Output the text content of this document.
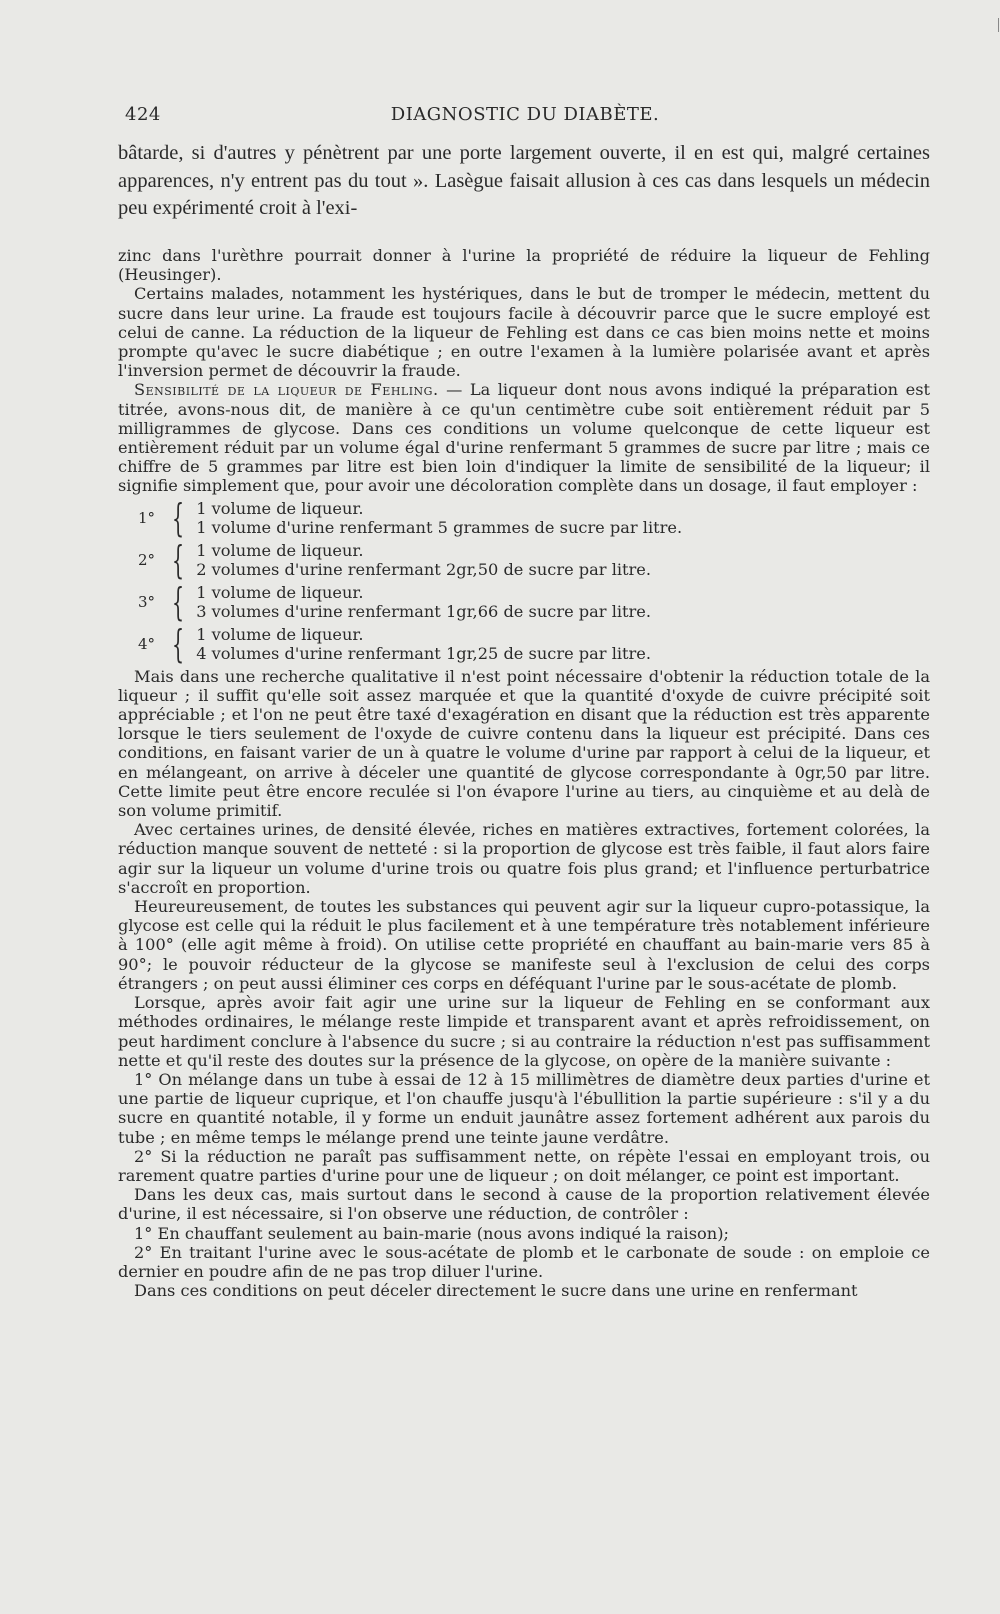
424	DIAGNOSTIC DU DIABÈTE.

bâtarde, si d'autres y pénètrent par une porte largement ouverte, il en est qui, malgré certaines apparences, n'y entrent pas du tout ». Lasègue faisait allusion à ces cas dans lesquels un médecin peu expérimenté croit à l'exi-

zinc dans l'urèthre pourrait donner à l'urine la propriété de réduire la liqueur de Fehling (Heusinger).

Certains malades, notamment les hystériques, dans le but de tromper le médecin, mettent du sucre dans leur urine. La fraude est toujours facile à découvrir parce que le sucre employé est celui de canne. La réduction de la liqueur de Fehling est dans ce cas bien moins nette et moins prompte qu'avec le sucre diabétique ; en outre l'examen à la lumière polarisée avant et après l'inversion permet de découvrir la fraude.

Sensibilité de la liqueur de Fehling. — La liqueur dont nous avons indiqué la préparation est titrée, avons-nous dit, de manière à ce qu'un centimètre cube soit entièrement réduit par 5 milligrammes de glycose. Dans ces conditions un volume quelconque de cette liqueur est entièrement réduit par un volume égal d'urine renfermant 5 grammes de sucre par litre ; mais ce chiffre de 5 grammes par litre est bien loin d'indiquer la limite de sensibilité de la liqueur; il signifie simplement que, pour avoir une décoloration complète dans un dosage, il faut employer :

1° { 1 volume de liqueur.
1 volume d'urine renfermant 5 grammes de sucre par litre.
2° { 1 volume de liqueur.
2 volumes d'urine renfermant 2gr,50 de sucre par litre.
3° { 1 volume de liqueur.
3 volumes d'urine renfermant 1gr,66 de sucre par litre.
4° { 1 volume de liqueur.
4 volumes d'urine renfermant 1gr,25 de sucre par litre.

Mais dans une recherche qualitative il n'est point nécessaire d'obtenir la réduction totale de la liqueur ; il suffit qu'elle soit assez marquée et que la quantité d'oxyde de cuivre précipité soit appréciable ; et l'on ne peut être taxé d'exagération en disant que la réduction est très apparente lorsque le tiers seulement de l'oxyde de cuivre contenu dans la liqueur est précipité. Dans ces conditions, en faisant varier de un à quatre le volume d'urine par rapport à celui de la liqueur, et en mélangeant, on arrive à déceler une quantité de glycose correspondante à 0gr,50 par litre. Cette limite peut être encore reculée si l'on évapore l'urine au tiers, au cinquième et au delà de son volume primitif.

Avec certaines urines, de densité élevée, riches en matières extractives, fortement colorées, la réduction manque souvent de netteté : si la proportion de glycose est très faible, il faut alors faire agir sur la liqueur un volume d'urine trois ou quatre fois plus grand; et l'influence perturbatrice s'accroît en proportion.

Heureureusement, de toutes les substances qui peuvent agir sur la liqueur cupro-potassique, la glycose est celle qui la réduit le plus facilement et à une température très notablement inférieure à 100° (elle agit même à froid). On utilise cette propriété en chauffant au bain-marie vers 85 à 90°; le pouvoir réducteur de la glycose se manifeste seul à l'exclusion de celui des corps étrangers ; on peut aussi éliminer ces corps en déféquant l'urine par le sous-acétate de plomb.

Lorsque, après avoir fait agir une urine sur la liqueur de Fehling en se conformant aux méthodes ordinaires, le mélange reste limpide et transparent avant et après refroidissement, on peut hardiment conclure à l'absence du sucre ; si au contraire la réduction n'est pas suffisamment nette et qu'il reste des doutes sur la présence de la glycose, on opère de la manière suivante :

1° On mélange dans un tube à essai de 12 à 15 millimètres de diamètre deux parties d'urine et une partie de liqueur cuprique, et l'on chauffe jusqu'à l'ébullition la partie supérieure : s'il y a du sucre en quantité notable, il y forme un enduit jaunâtre assez fortement adhérent aux parois du tube ; en même temps le mélange prend une teinte jaune verdâtre.

2° Si la réduction ne paraît pas suffisamment nette, on répète l'essai en employant trois, ou rarement quatre parties d'urine pour une de liqueur ; on doit mélanger, ce point est important.

Dans les deux cas, mais surtout dans le second à cause de la proportion relativement élevée d'urine, il est nécessaire, si l'on observe une réduction, de contrôler :

1° En chauffant seulement au bain-marie (nous avons indiqué la raison);

2° En traitant l'urine avec le sous-acétate de plomb et le carbonate de soude : on emploie ce dernier en poudre afin de ne pas trop diluer l'urine.

Dans ces conditions on peut déceler directement le sucre dans une urine en renfermant
